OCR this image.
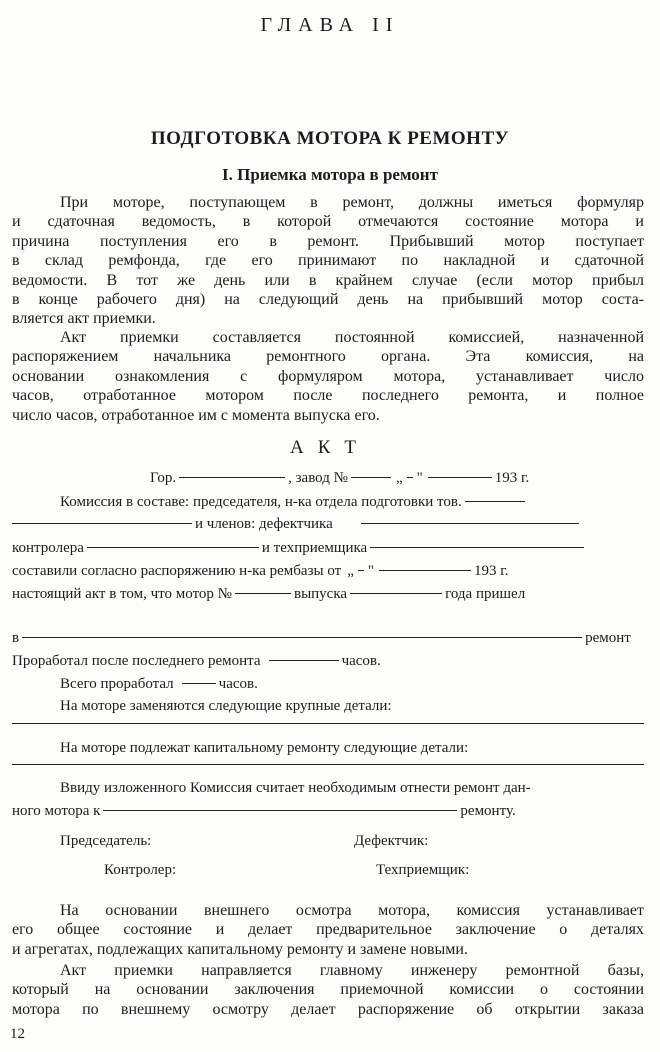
ГЛАВА II
ПОДГОТОВКА МОТОРА К РЕМОНТУ
I. Приемка мотора в ремонт
При моторе, поступающем в ремонт, должны иметься формуляр
и сдаточная ведомость, в которой отмечаются состояние мотора и
причина поступления его в ремонт. Прибывший мотор поступает
в склад ремфонда, где его принимают по накладной и сдаточной
ведомости. В тот же день или в крайнем случае (если мотор прибыл
в конце рабочего дня) на следующий день на прибывший мотор соста-
вляется акт приемки.
Акт приемки составляется постоянной комиссией, назначенной
распоряжением начальника ремонтного органа. Эта комиссия, на
основании ознакомления с формуляром мотора, устанавливает число
часов, отработанное мотором после последнего ремонта, и полное
число часов, отработанное им с момента выпуска его.
АКТ
Гор.	, завод №	„ "	193 г.
Комиссия в составе: председателя, н-ка отдела подготовки тов.
и членов: дефектчика
контролера	и техприемщика
составили согласно распоряжению н-ка рембазы от „ "	193 г.
настоящий акт в том, что мотор №	выпуска	года пришел
в	ремонт
Проработал после последнего ремонта	часов.
Всего проработал	часов.
На моторе заменяются следующие крупные детали:
На моторе подлежат капитальному ремонту следующие детали:
Ввиду изложенного Комиссия считает необходимым отнести ремонт дан-
ного мотора к	ремонту.
Председатель:	Дефектчик:
Контролер:	Техприемщик:
На основании внешнего осмотра мотора, комиссия устанавливает
его общее состояние и делает предварительное заключение о деталях
и агрегатах, подлежащих капитальному ремонту и замене новыми.
Акт приемки направляется главному инженеру ремонтной базы,
который на основании заключения приемочной комиссии о состоянии
мотора по внешнему осмотру делает распоряжение об открытии заказа
12
